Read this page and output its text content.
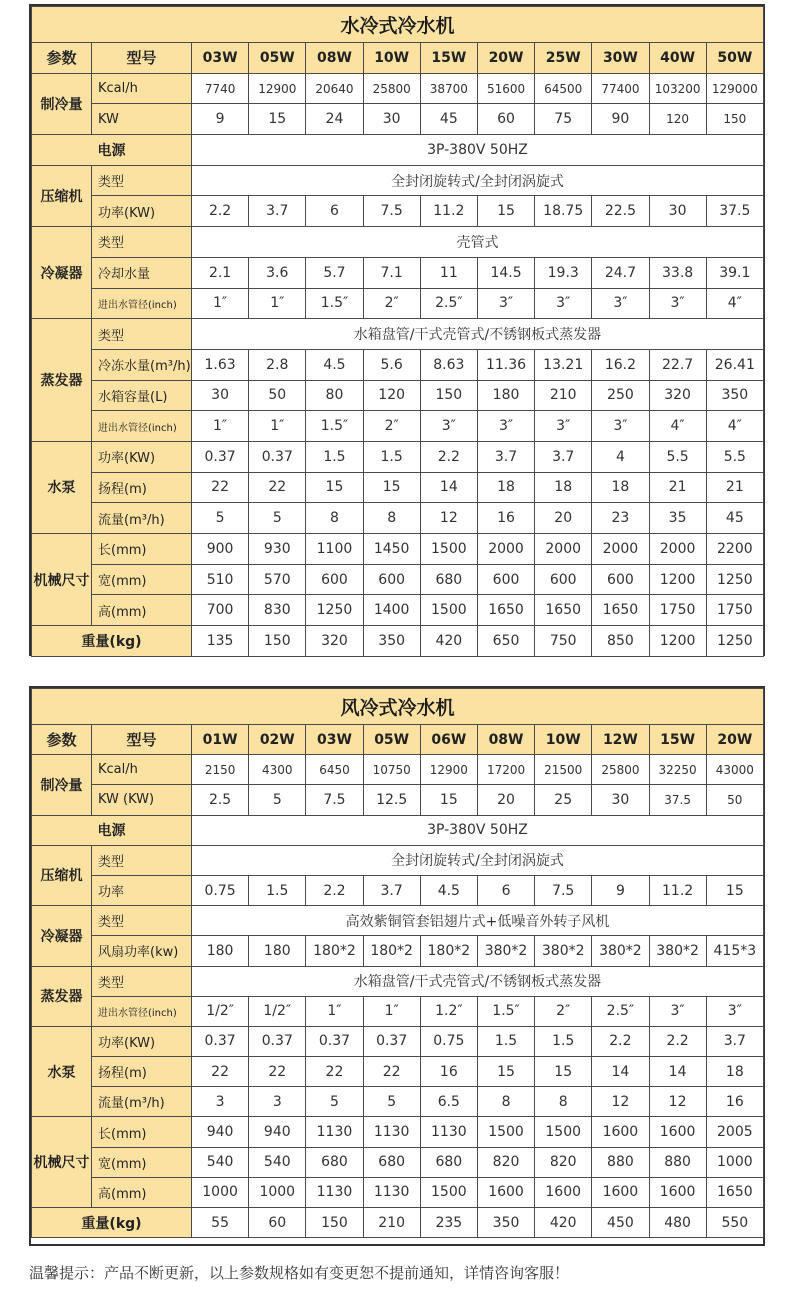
水冷式冷水机											
参数	型号	03W	05W	08W	10W	15W	20W	25W	30W	40W	50W
制冷量	Kcal/h	7740	12900	20640	25800	38700	51600	64500	77400	103200	129000
	KW	9	15	24	30	45	60	75	90	120	150
电源		3P-380V 50HZ									
压缩机	类型	全封闭旋转式/全封闭涡旋式									
	功率(KW)	2.2	3.7	6	7.5	11.2	15	18.75	22.5	30	37.5
冷凝器	类型	壳管式									
	冷却水量	2.1	3.6	5.7	7.1	11	14.5	19.3	24.7	33.8	39.1
	进出水管径(inch)	1″	1″	1.5″	2″	2.5″	3″	3″	3″	3″	4″
蒸发器	类型	水箱盘管/干式壳管式/不锈钢板式蒸发器									
	冷冻水量(m³/h)	1.63	2.8	4.5	5.6	8.63	11.36	13.21	16.2	22.7	26.41
	水箱容量(L)	30	50	80	120	150	180	210	250	320	350
	进出水管径(inch)	1″	1″	1.5″	2″	3″	3″	3″	3″	4″	4″
水泵	功率(KW)	0.37	0.37	1.5	1.5	2.2	3.7	3.7	4	5.5	5.5
	扬程(m)	22	22	15	15	14	18	18	18	21	21
	流量(m³/h)	5	5	8	8	12	16	20	23	35	45
机械尺寸	长(mm)	900	930	1100	1450	1500	2000	2000	2000	2000	2200
	宽(mm)	510	570	600	600	680	600	600	600	1200	1250
	高(mm)	700	830	1250	1400	1500	1650	1650	1650	1750	1750
重量(kg)		135	150	320	350	420	650	750	850	1200	1250
风冷式冷水机											
参数	型号	01W	02W	03W	05W	06W	08W	10W	12W	15W	20W
制冷量	Kcal/h	2150	4300	6450	10750	12900	17200	21500	25800	32250	43000
	KW (KW)	2.5	5	7.5	12.5	15	20	25	30	37.5	50
电源		3P-380V 50HZ									
压缩机	类型	全封闭旋转式/全封闭涡旋式									
	功率	0.75	1.5	2.2	3.7	4.5	6	7.5	9	11.2	15
冷凝器	类型	高效紫铜管套铝翅片式+低噪音外转子风机									
	风扇功率(kw)	180	180	180*2	180*2	180*2	380*2	380*2	380*2	380*2	415*3
蒸发器	类型	水箱盘管/干式壳管式/不锈钢板式蒸发器									
	进出水管径(inch)	1/2″	1/2″	1″	1″	1.2″	1.5″	2″	2.5″	3″	3″
水泵	功率(KW)	0.37	0.37	0.37	0.37	0.75	1.5	1.5	2.2	2.2	3.7
	扬程(m)	22	22	22	22	16	15	15	14	14	18
	流量(m³/h)	3	3	5	5	6.5	8	8	12	12	16
机械尺寸	长(mm)	940	940	1130	1130	1130	1500	1500	1600	1600	2005
	宽(mm)	540	540	680	680	680	820	820	880	880	1000
	高(mm)	1000	1000	1130	1130	1500	1600	1600	1600	1600	1650
重量(kg)		55	60	150	210	235	350	420	450	480	550
温馨提示：产品不断更新，以上参数规格如有变更恕不提前通知，详情咨询客服！
